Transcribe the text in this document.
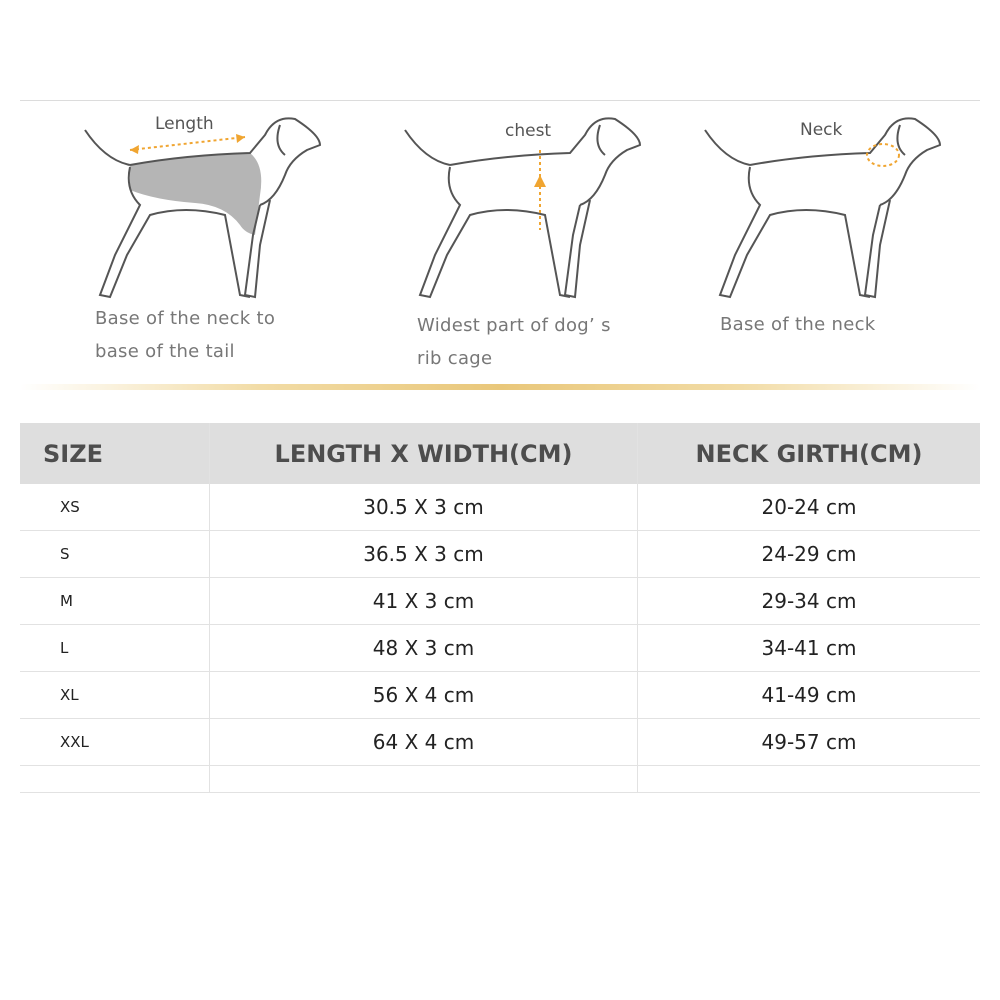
Length
Base of the neck to
base of the tail
chest
Widest part of dog’ s
rib cage
Neck
Base of the neck
SIZE	LENGTH X WIDTH(CM)	NECK GIRTH(CM)
XS	30.5 X 3 cm	20-24 cm
S	36.5 X 3 cm	24-29 cm
M	41 X 3 cm	29-34 cm
L	48 X 3 cm	34-41 cm
XL	56 X 4 cm	41-49 cm
XXL	64 X 4 cm	49-57 cm
